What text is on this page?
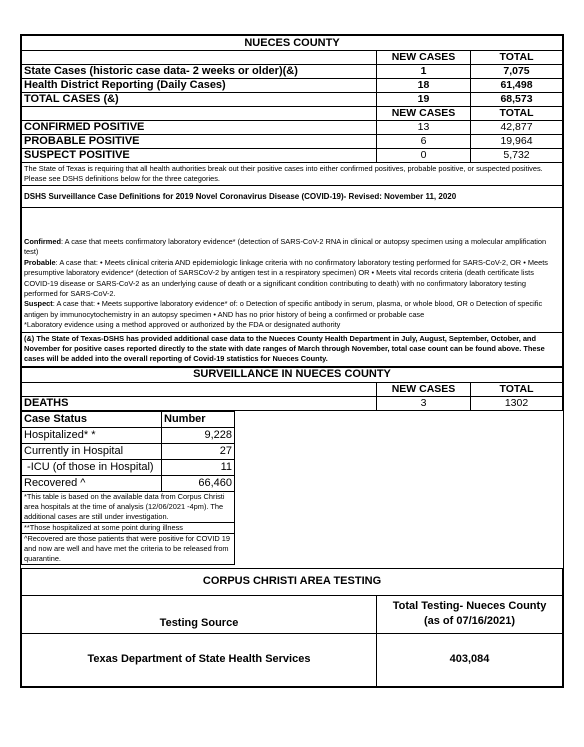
NUECES COUNTY		
	NEW CASES	TOTAL
State Cases (historic case data- 2 weeks or older)(&)	1	7,075
Health District Reporting (Daily Cases)	18	61,498
TOTAL CASES (&)	19	68,573
	NEW CASES	TOTAL
CONFIRMED POSITIVE	13	42,877
PROBABLE POSITIVE	6	19,964
SUSPECT POSITIVE	0	5,732
The State of Texas is requiring that all health authorities break out their positive cases into either confirmed positives, probable positive, or suspected positives. Please see DSHS definitions below for the three categories.		
DSHS Surveillance Case Definitions for 2019 Novel Coronavirus Disease (COVID-19)- Revised: November 11, 2020		

Confirmed: A case that meets confirmatory laboratory evidence* (detection of SARS-CoV-2 RNA in clinical or autopsy specimen using a molecular amplification test)

Probable: A case that: • Meets clinical criteria AND epidemiologic linkage criteria with no confirmatory laboratory testing performed for SARS-CoV-2, OR • Meets presumptive laboratory evidence* (detection of SARSCoV-2 by antigen test in a respiratory specimen) OR • Meets vital records criteria (death certificate lists COVID-19 disease or SARS-CoV-2 as an underlying cause of death or a significant condition contributing to death) with no confirmatory laboratory testing performed for SARS-CoV-2.

Suspect: A case that: • Meets supportive laboratory evidence* of: o Detection of specific antibody in serum, plasma, or whole blood, OR o Detection of specific antigen by immunocytochemistry in an autopsy specimen • AND has no prior history of being a confirmed or probable case

*Laboratory evidence using a method approved or authorized by the FDA or designated authority		

(&) The State of Texas-DSHS has provided additional case data to the Nueces County Health Department in July, August, September, October, and November for positive cases reported directly to the state with date ranges of March through November, total case count can be found above. These cases will be added into the overall reporting of Covid-19 statistics for Nueces County.		
SURVEILLANCE IN NUECES COUNTY		
	NEW CASES	TOTAL
DEATHS	3	1302
Case Status	Number
Hospitalized* *	9,228
Currently in Hospital	27
-ICU (of those in Hospital)	11
Recovered ^	66,460
*This table is based on the available data from Corpus Christi area hospitals at the time of analysis (12/06/2021 -4pm). The additional cases are still under investigation.	
**Those hospitalized at some point during illness	
^Recovered are those patients that were positive for COVID 19 and now are well and have met the criteria to be released from quarantine.	
CORPUS CHRISTI AREA TESTING	
Testing Source	Total Testing- Nueces County
(as of 07/16/2021)

Texas Department of State Health Services	403,084
